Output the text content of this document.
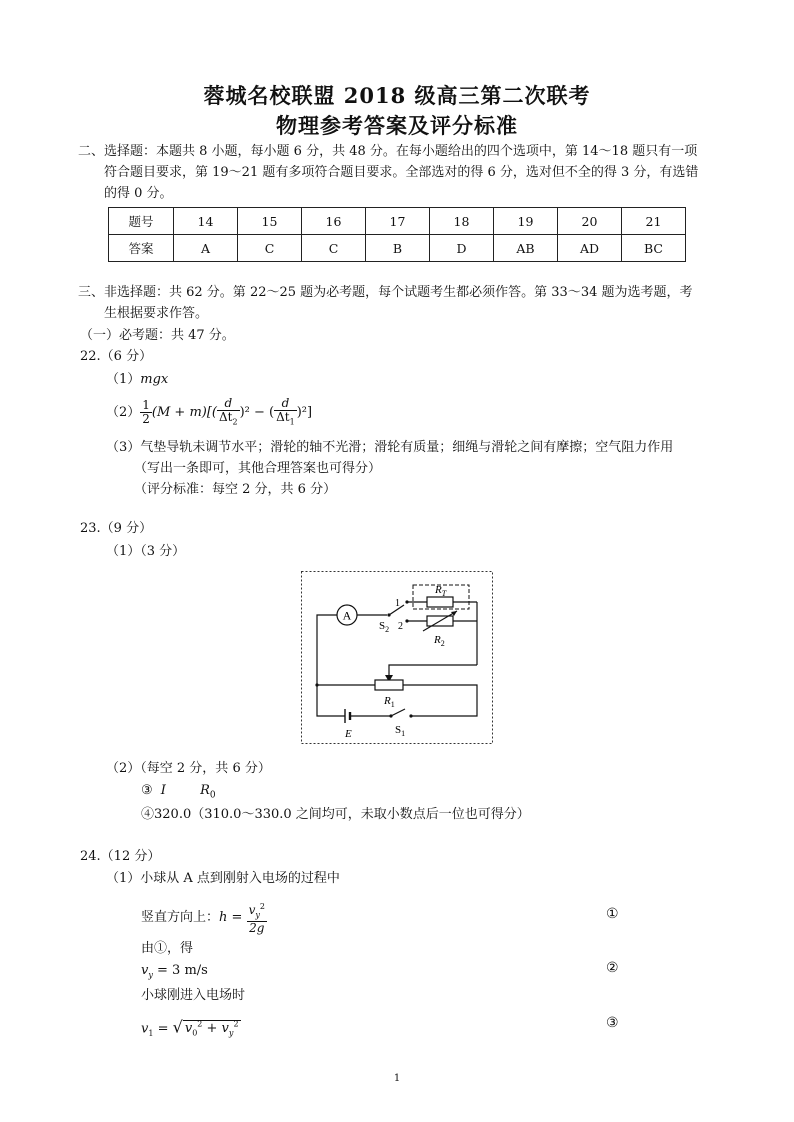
蓉城名校联盟 2018 级高三第二次联考
物理参考答案及评分标准
二、选择题：本题共 8 小题，每小题 6 分，共 48 分。在每小题给出的四个选项中，第 14～18 题只有一项
符合题目要求，第 19～21 题有多项符合题目要求。全部选对的得 6 分，选对但不全的得 3 分，有选错
的得 0 分。
题号	14	15	16	17	18	19	20	21
答案	A	C	C	B	D	AB	AD	BC
三、非选择题：共 62 分。第 22～25 题为必考题，每个试题考生都必须作答。第 33～34 题为选考题，考
生根据要求作答。
（一）必考题：共 47 分。
22.（6 分）
（1）mgx
$(2) \frac{1}{2} (M + m)[( \frac{d}{\Delta t_2} )^2$ − ( $\frac{d}{\Delta t_1} )^2$]
（3）气垫导轨未调节水平；滑轮的轴不光滑；滑轮有质量；细绳与滑轮之间有摩擦；空气阻力作用
（写出一条即可，其他合理答案也可得分）
（评分标准：每空 2 分，共 6 分）
23.（9 分）
（1）（3 分）
A
1
2
$S_2$
$R_T$
$R_2$
$R_1$
E	$S_1$
（2）（每空 2 分，共 6 分）
③ I	$R_0$
④320.0（310.0～330.0 之间均可，未取小数点后一位也可得分）
24.（12 分）
（1）小球从 A 点到刚射入电场的过程中
竖直方向上：$h = \frac{v_y^2}{2g}$	①
由①，得
$v_y = 3$ m/s	②
小球刚进入电场时
$v_1$ = √ $v_0^2 + v_y^2$	③
1
